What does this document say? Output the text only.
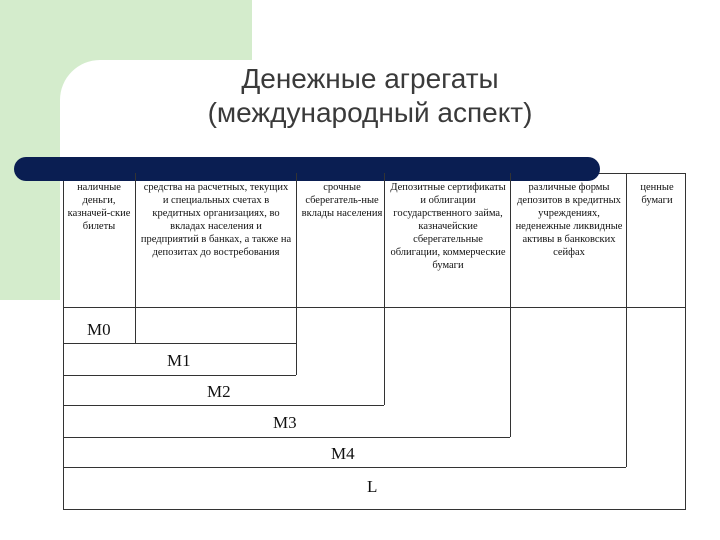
Денежные агрегаты
(международный аспект)
наличные деньги, казначей-ские билеты
средства на расчетных, текущих и специальных счетах в кредитных организациях, во вкладах населения и предприятий в банках, а также на депозитах до востребования
срочные сберегатель-ные вклады населения
Депозитные сертификаты и облигации государственного займа, казначейские сберегательные облигации, коммерческие бумаги
различные формы депозитов в кредитных учреждениях, неденежные ликвидные активы в банковских сейфах
ценные бумаги
M0
M1
M2
M3
M4
L
